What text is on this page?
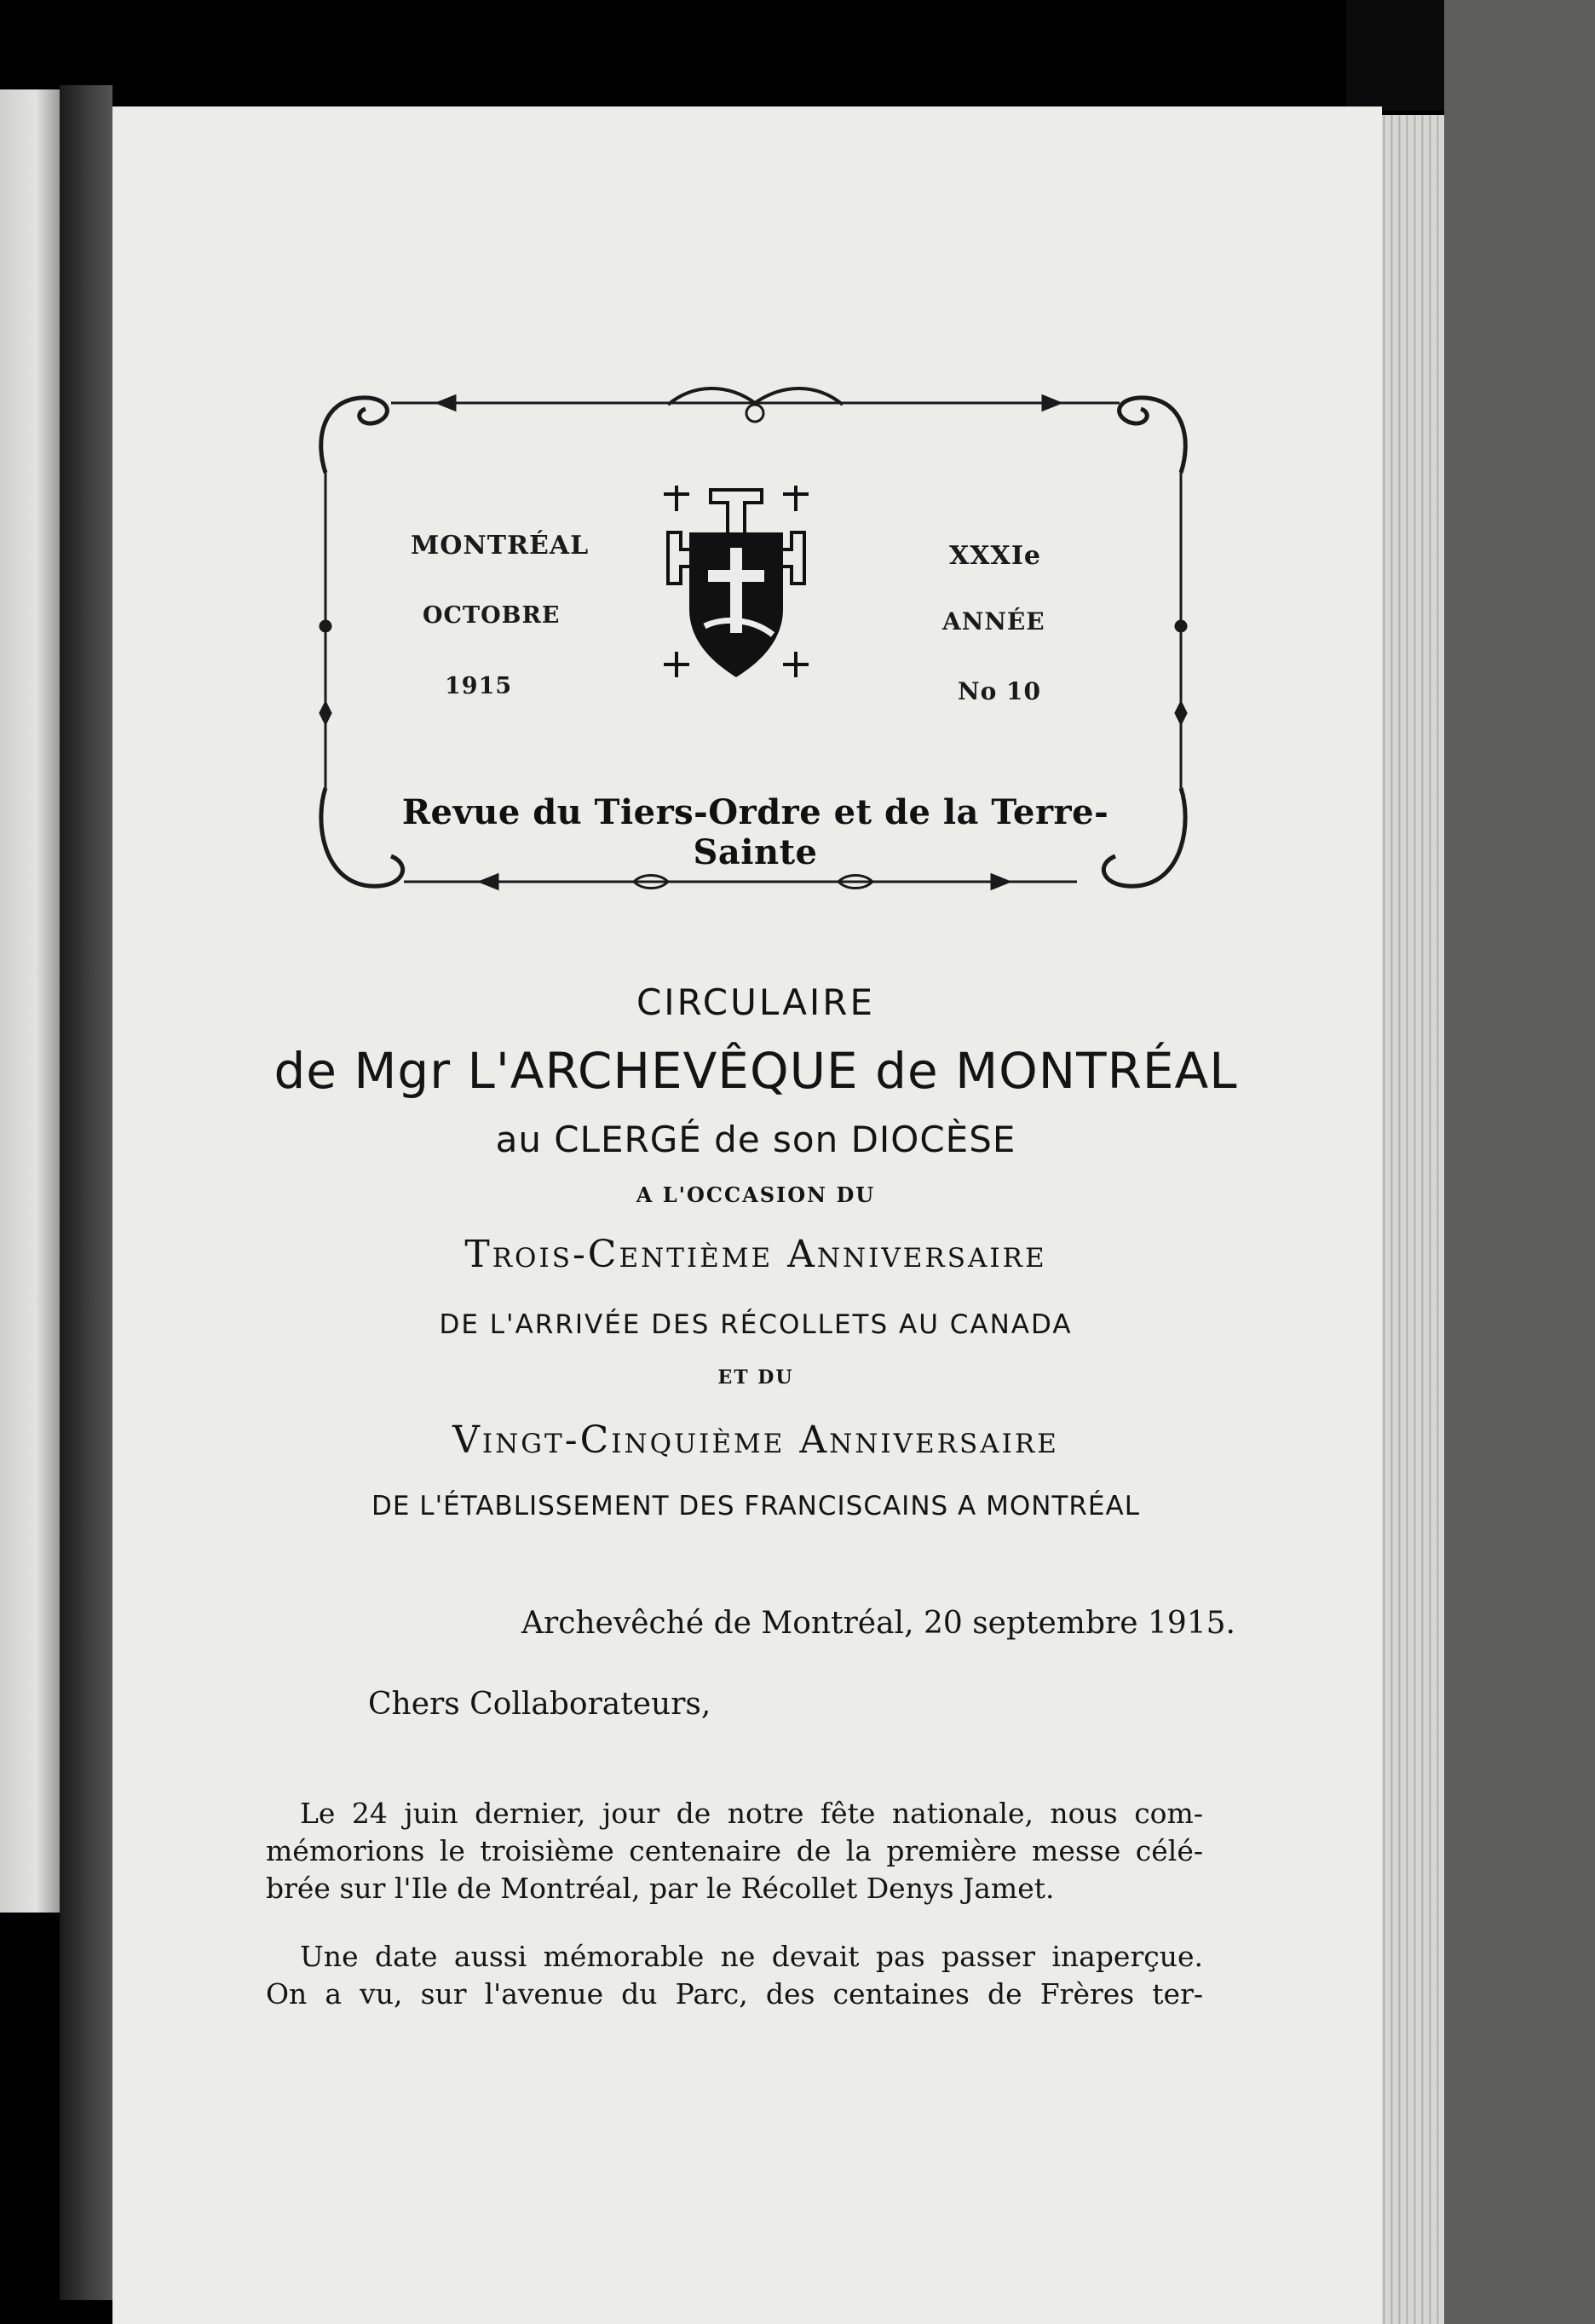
MONTRÉAL
OCTOBRE
1915
XXXIe
ANNÉE
No 10
Revue du Tiers-Ordre et de la Terre-Sainte
CIRCULAIRE
de Mgr L'ARCHEVÊQUE de MONTRÉAL
au CLERGÉ de son DIOCÈSE
A L'OCCASION DU
Trois-Centième Anniversaire
DE L'ARRIVÉE DES RÉCOLLETS AU CANADA
ET DU
Vingt-Cinquième Anniversaire
DE L'ÉTABLISSEMENT DES FRANCISCAINS A MONTRÉAL
Archevêché de Montréal, 20 septembre 1915.
Chers Collaborateurs,
Le 24 juin dernier, jour de notre fête nationale, nous com-
mémorions le troisième centenaire de la première messe célé-
brée sur l'Ile de Montréal, par le Récollet Denys Jamet.
Une date aussi mémorable ne devait pas passer inaperçue.
On a vu, sur l'avenue du Parc, des centaines de Frères ter-
